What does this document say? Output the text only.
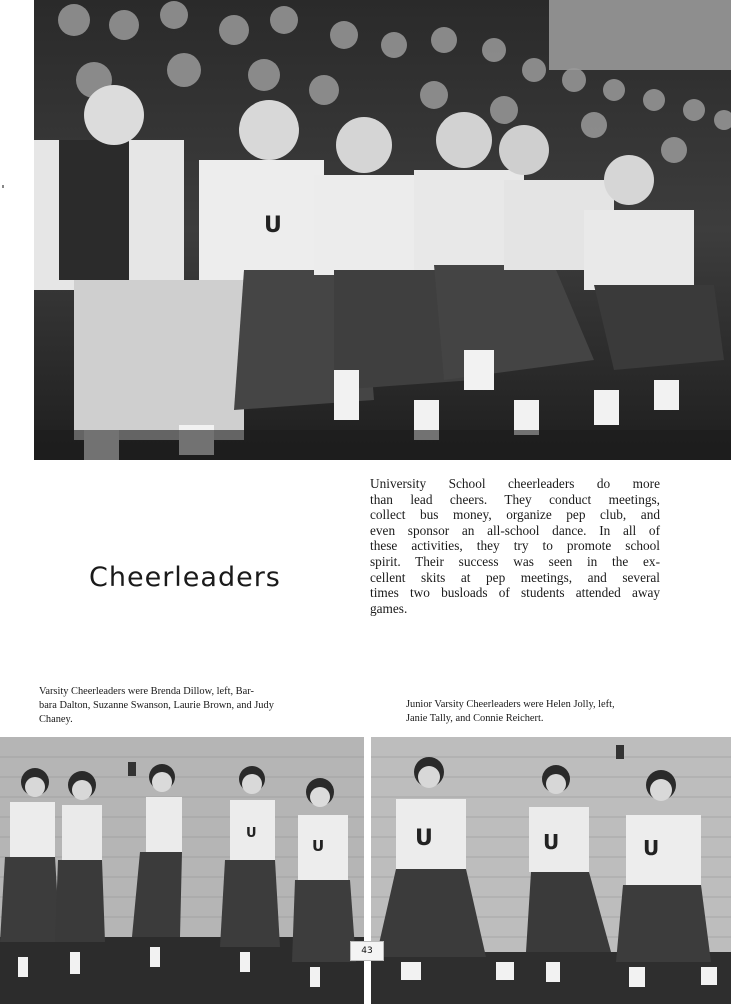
U
University School cheerleaders do more
than lead cheers. They conduct meetings,
collect bus money, organize pep club, and
even sponsor an all-school dance. In all of
these activities, they try to promote school
spirit. Their success was seen in the ex-
cellent skits at pep meetings, and several
times two busloads of students attended away
games.
Cheerleaders
Varsity Cheerleaders were Brenda Dillow, left, Bar-
bara Dalton, Suzanne Swanson, Laurie Brown, and Judy
Chaney.
Junior Varsity Cheerleaders were Helen Jolly, left,
Janie Tally, and Connie Reichert.
U
U	U	U	U
43
